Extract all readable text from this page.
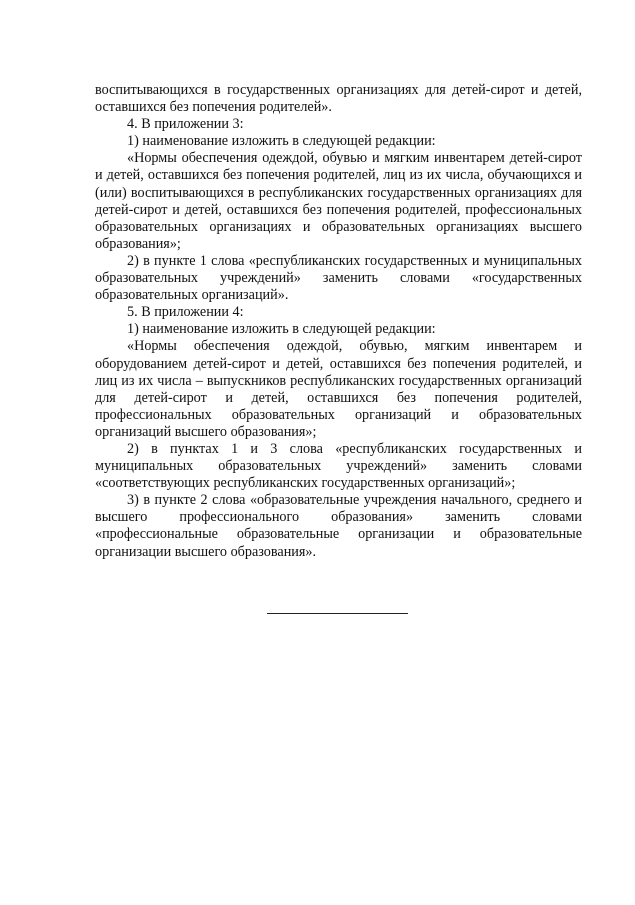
воспитывающихся в государственных организациях для детей-сирот и детей, оставшихся без попечения родителей».

4. В приложении 3:

1) наименование изложить в следующей редакции:

«Нормы обеспечения одеждой, обувью и мягким инвентарем детей-сирот и детей, оставшихся без попечения родителей, лиц из их числа, обучающихся и (или) воспитывающихся в республиканских государственных организациях для детей-сирот и детей, оставшихся без попечения родителей, профессиональных образовательных организациях и образовательных организациях высшего образования»;

2) в пункте 1 слова «республиканских государственных и муниципальных образовательных учреждений» заменить словами «государственных образовательных организаций».

5. В приложении 4:

1) наименование изложить в следующей редакции:

«Нормы обеспечения одеждой, обувью, мягким инвентарем и оборудованием детей-сирот и детей, оставшихся без попечения родителей, и лиц из их числа – выпускников республиканских государственных организаций для детей-сирот и детей, оставшихся без попечения родителей, профессиональных образовательных организаций и образовательных организаций высшего образования»;

2) в пунктах 1 и 3 слова «республиканских государственных и муниципальных образовательных учреждений» заменить словами «соответствующих республиканских государственных организаций»;

3) в пункте 2 слова «образовательные учреждения начального, среднего и высшего профессионального образования» заменить словами «профессиональные образовательные организации и образовательные организации высшего образования».
